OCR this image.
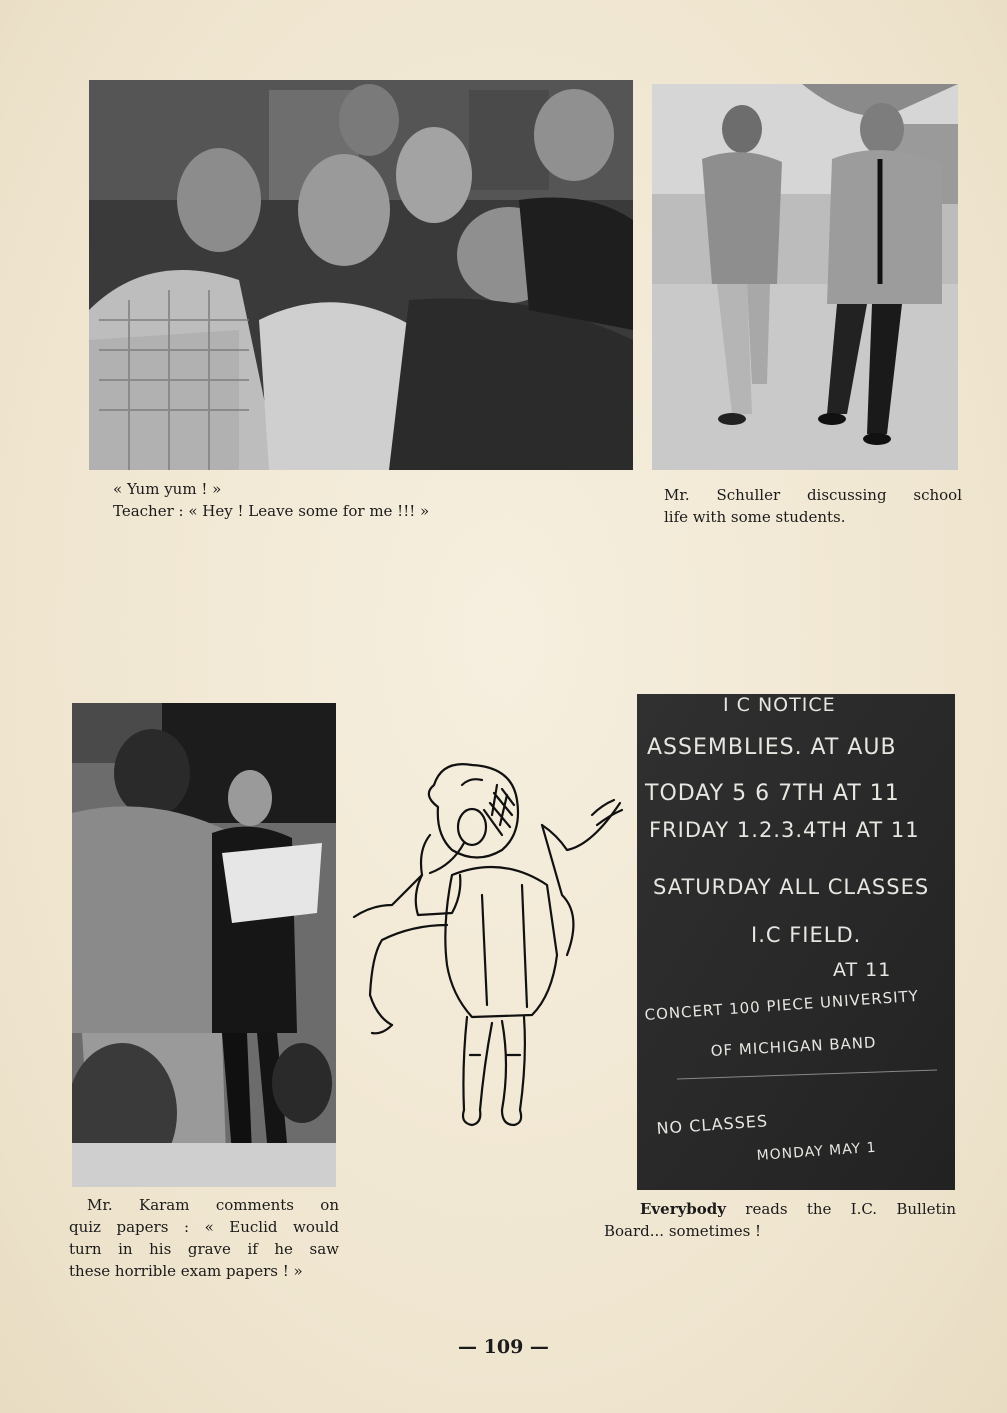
« Yum yum ! »

Teacher : « Hey ! Leave some for me !!! »

Mr. Schuller discussing school

life with some students.

I C NOTICE
ASSEMBLIES. AT AUB
TODAY 5 6 7TH AT 11
FRIDAY 1.2.3.4TH AT 11
SATURDAY ALL CLASSES
I.C FIELD.
AT 11
CONCERT 100 PIECE UNIVERSITY
OF MICHIGAN BAND
NO CLASSES
MONDAY MAY 1

Mr. Karam comments on

quiz papers : « Euclid would

turn in his grave if he saw

these horrible exam papers ! »

Everybody reads the I.C. Bulletin

Board... sometimes !

— 109 —
